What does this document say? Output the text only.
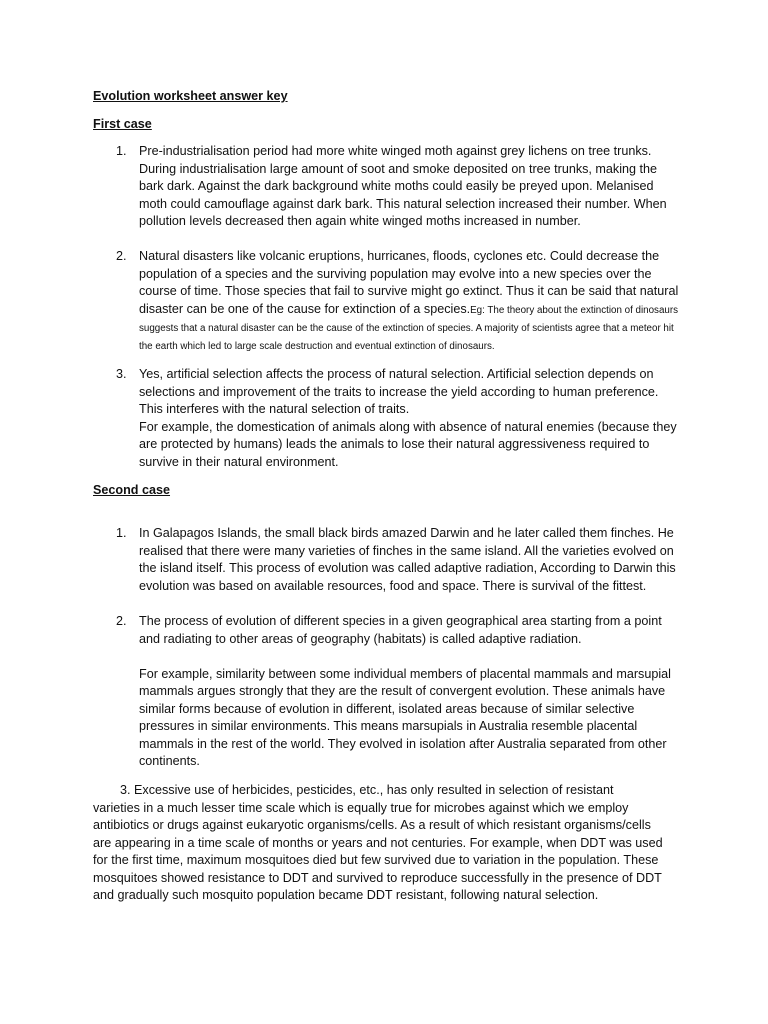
Evolution worksheet answer key
First case
1. Pre-industrialisation period had more white winged moth against grey lichens on tree trunks. During industrialisation large amount of soot and smoke deposited on tree trunks, making the bark dark. Against the dark background white moths could easily be preyed upon. Melanised moth could camouflage against dark bark. This natural selection increased their number. When pollution levels decreased then again white winged moths increased in number.

2. Natural disasters like volcanic eruptions, hurricanes, floods, cyclones etc. Could decrease the population of a species and the surviving population may evolve into a new species over the course of time. Those species that fail to survive might go extinct. Thus it can be said that natural disaster can be one of the cause for extinction of a species.Eg: The theory about the extinction of dinosaurs suggests that a natural disaster can be the cause of the extinction of species. A majority of scientists agree that a meteor hit the earth which led to large scale destruction and eventual extinction of dinosaurs.

3. Yes, artificial selection affects the process of natural selection. Artificial selection depends on selections and improvement of the traits to increase the yield according to human preference. This interferes with the natural selection of traits.

For example, the domestication of animals along with absence of natural enemies (because they are protected by humans) leads the animals to lose their natural aggressiveness required to survive in their natural environment.

Second case
1. In Galapagos Islands, the small black birds amazed Darwin and he later called them finches. He realised that there were many varieties of finches in the same island. All the varieties evolved on the island itself. This process of evolution was called adaptive radiation, According to Darwin this evolution was based on available resources, food and space. There is survival of the fittest.

2. The process of evolution of different species in a given geographical area starting from a point and radiating to other areas of geography (habitats) is called adaptive radiation.

For example, similarity between some individual members of placental mammals and marsupial mammals argues strongly that they are the result of convergent evolution. These animals have similar forms because of evolution in different, isolated areas because of similar selective pressures in similar environments. This means marsupials in Australia resemble placental mammals in the rest of the world. They evolved in isolation after Australia separated from other continents.

3. Excessive use of herbicides, pesticides, etc., has only resulted in selection of resistant varieties in a much lesser time scale which is equally true for microbes against which we employ antibiotics or drugs against eukaryotic organisms/cells. As a result of which resistant organisms/cells are appearing in a time scale of months or years and not centuries. For example, when DDT was used for the first time, maximum mosquitoes died but few survived due to variation in the population. These mosquitoes showed resistance to DDT and survived to reproduce successfully in the presence of DDT and gradually such mosquito population became DDT resistant, following natural selection.
